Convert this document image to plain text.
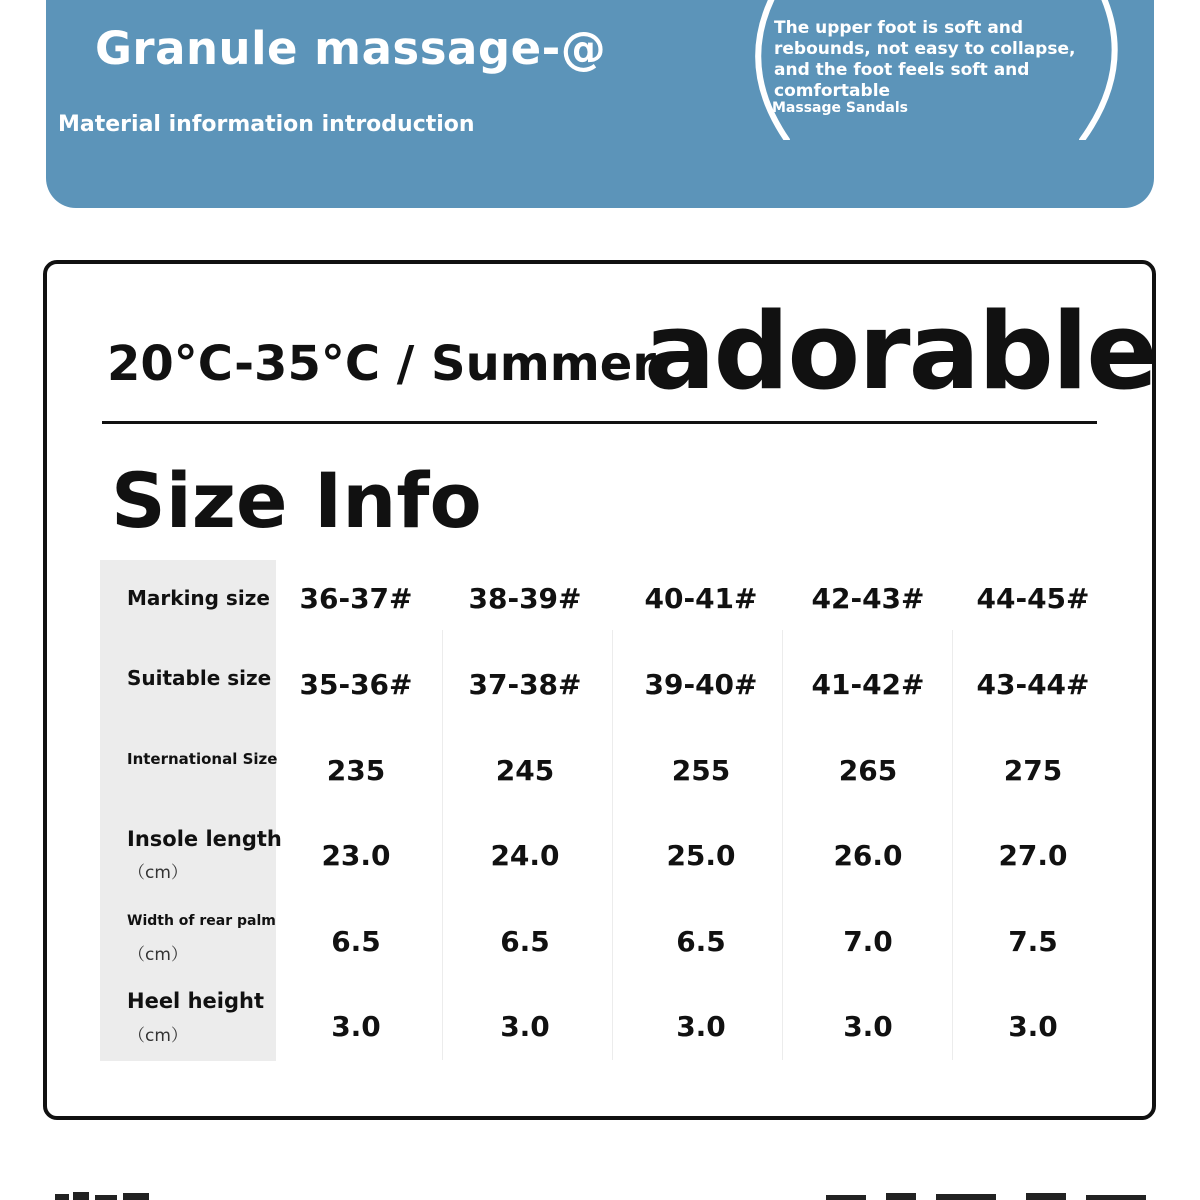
Granule massage-@
Material information introduction
The upper foot is soft and rebounds, not easy to collapse, and the foot feels soft and comfortable
Massage Sandals
20°C-35°C / Summer
adorable
Size Info
Marking size	36-37#	38-39#	40-41#	42-43#	44-45#
Suitable size	35-36#	37-38#	39-40#	41-42#	43-44#
International Size	235	245	255	265	275
Insole length
（cm）
23.0	24.0	25.0	26.0	27.0
Width of rear palm
（cm）	6.5	6.5	6.5	7.0	7.5
Heel height
（cm）	3.0	3.0	3.0	3.0	3.0
